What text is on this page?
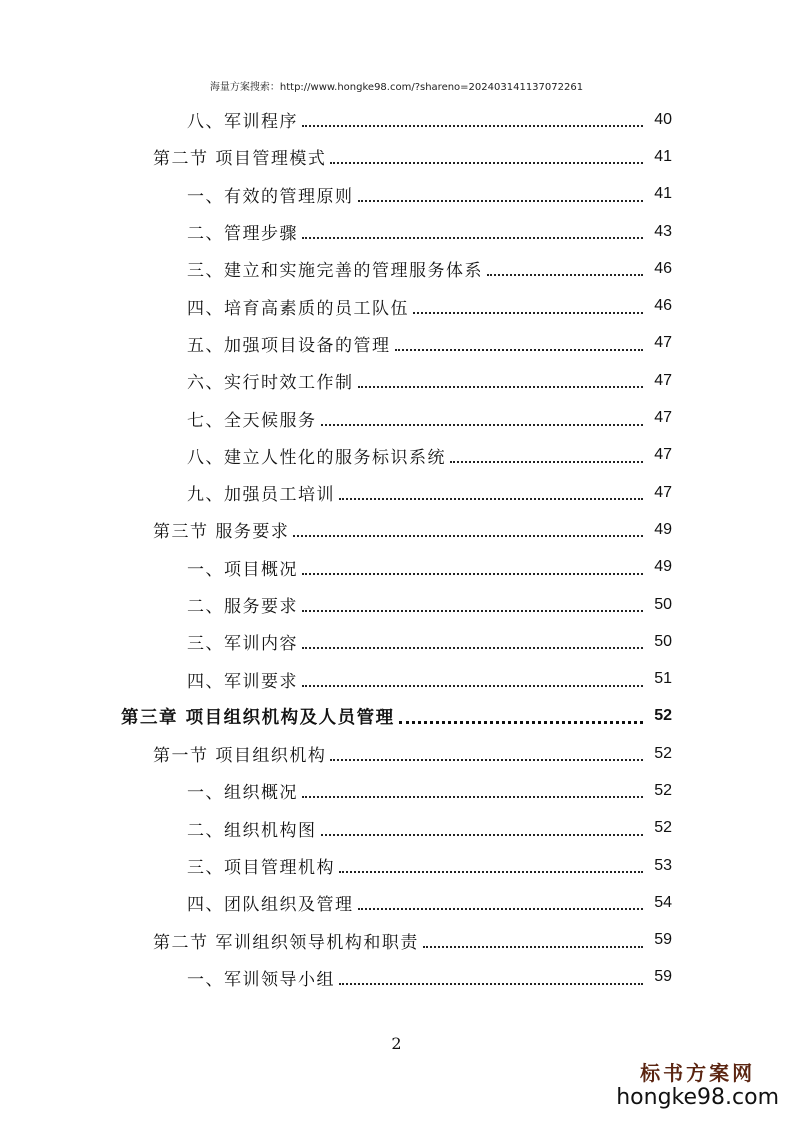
海量方案搜索：http://www.hongke98.com/?shareno=202403141137072261
八、军训程序	40
第二节 项目管理模式	41
一、有效的管理原则	41
二、管理步骤	43
三、建立和实施完善的管理服务体系	46
四、培育高素质的员工队伍	46
五、加强项目设备的管理	47
六、实行时效工作制	47
七、全天候服务	47
八、建立人性化的服务标识系统	47
九、加强员工培训	47
第三节 服务要求	49
一、项目概况	49
二、服务要求	50
三、军训内容	50
四、军训要求	51
第三章 项目组织机构及人员管理	52
第一节 项目组织机构	52
一、组织概况	52
二、组织机构图	52
三、项目管理机构	53
四、团队组织及管理	54
第二节 军训组织领导机构和职责	59
一、军训领导小组	59
2
标书方案网
hongke98.com
